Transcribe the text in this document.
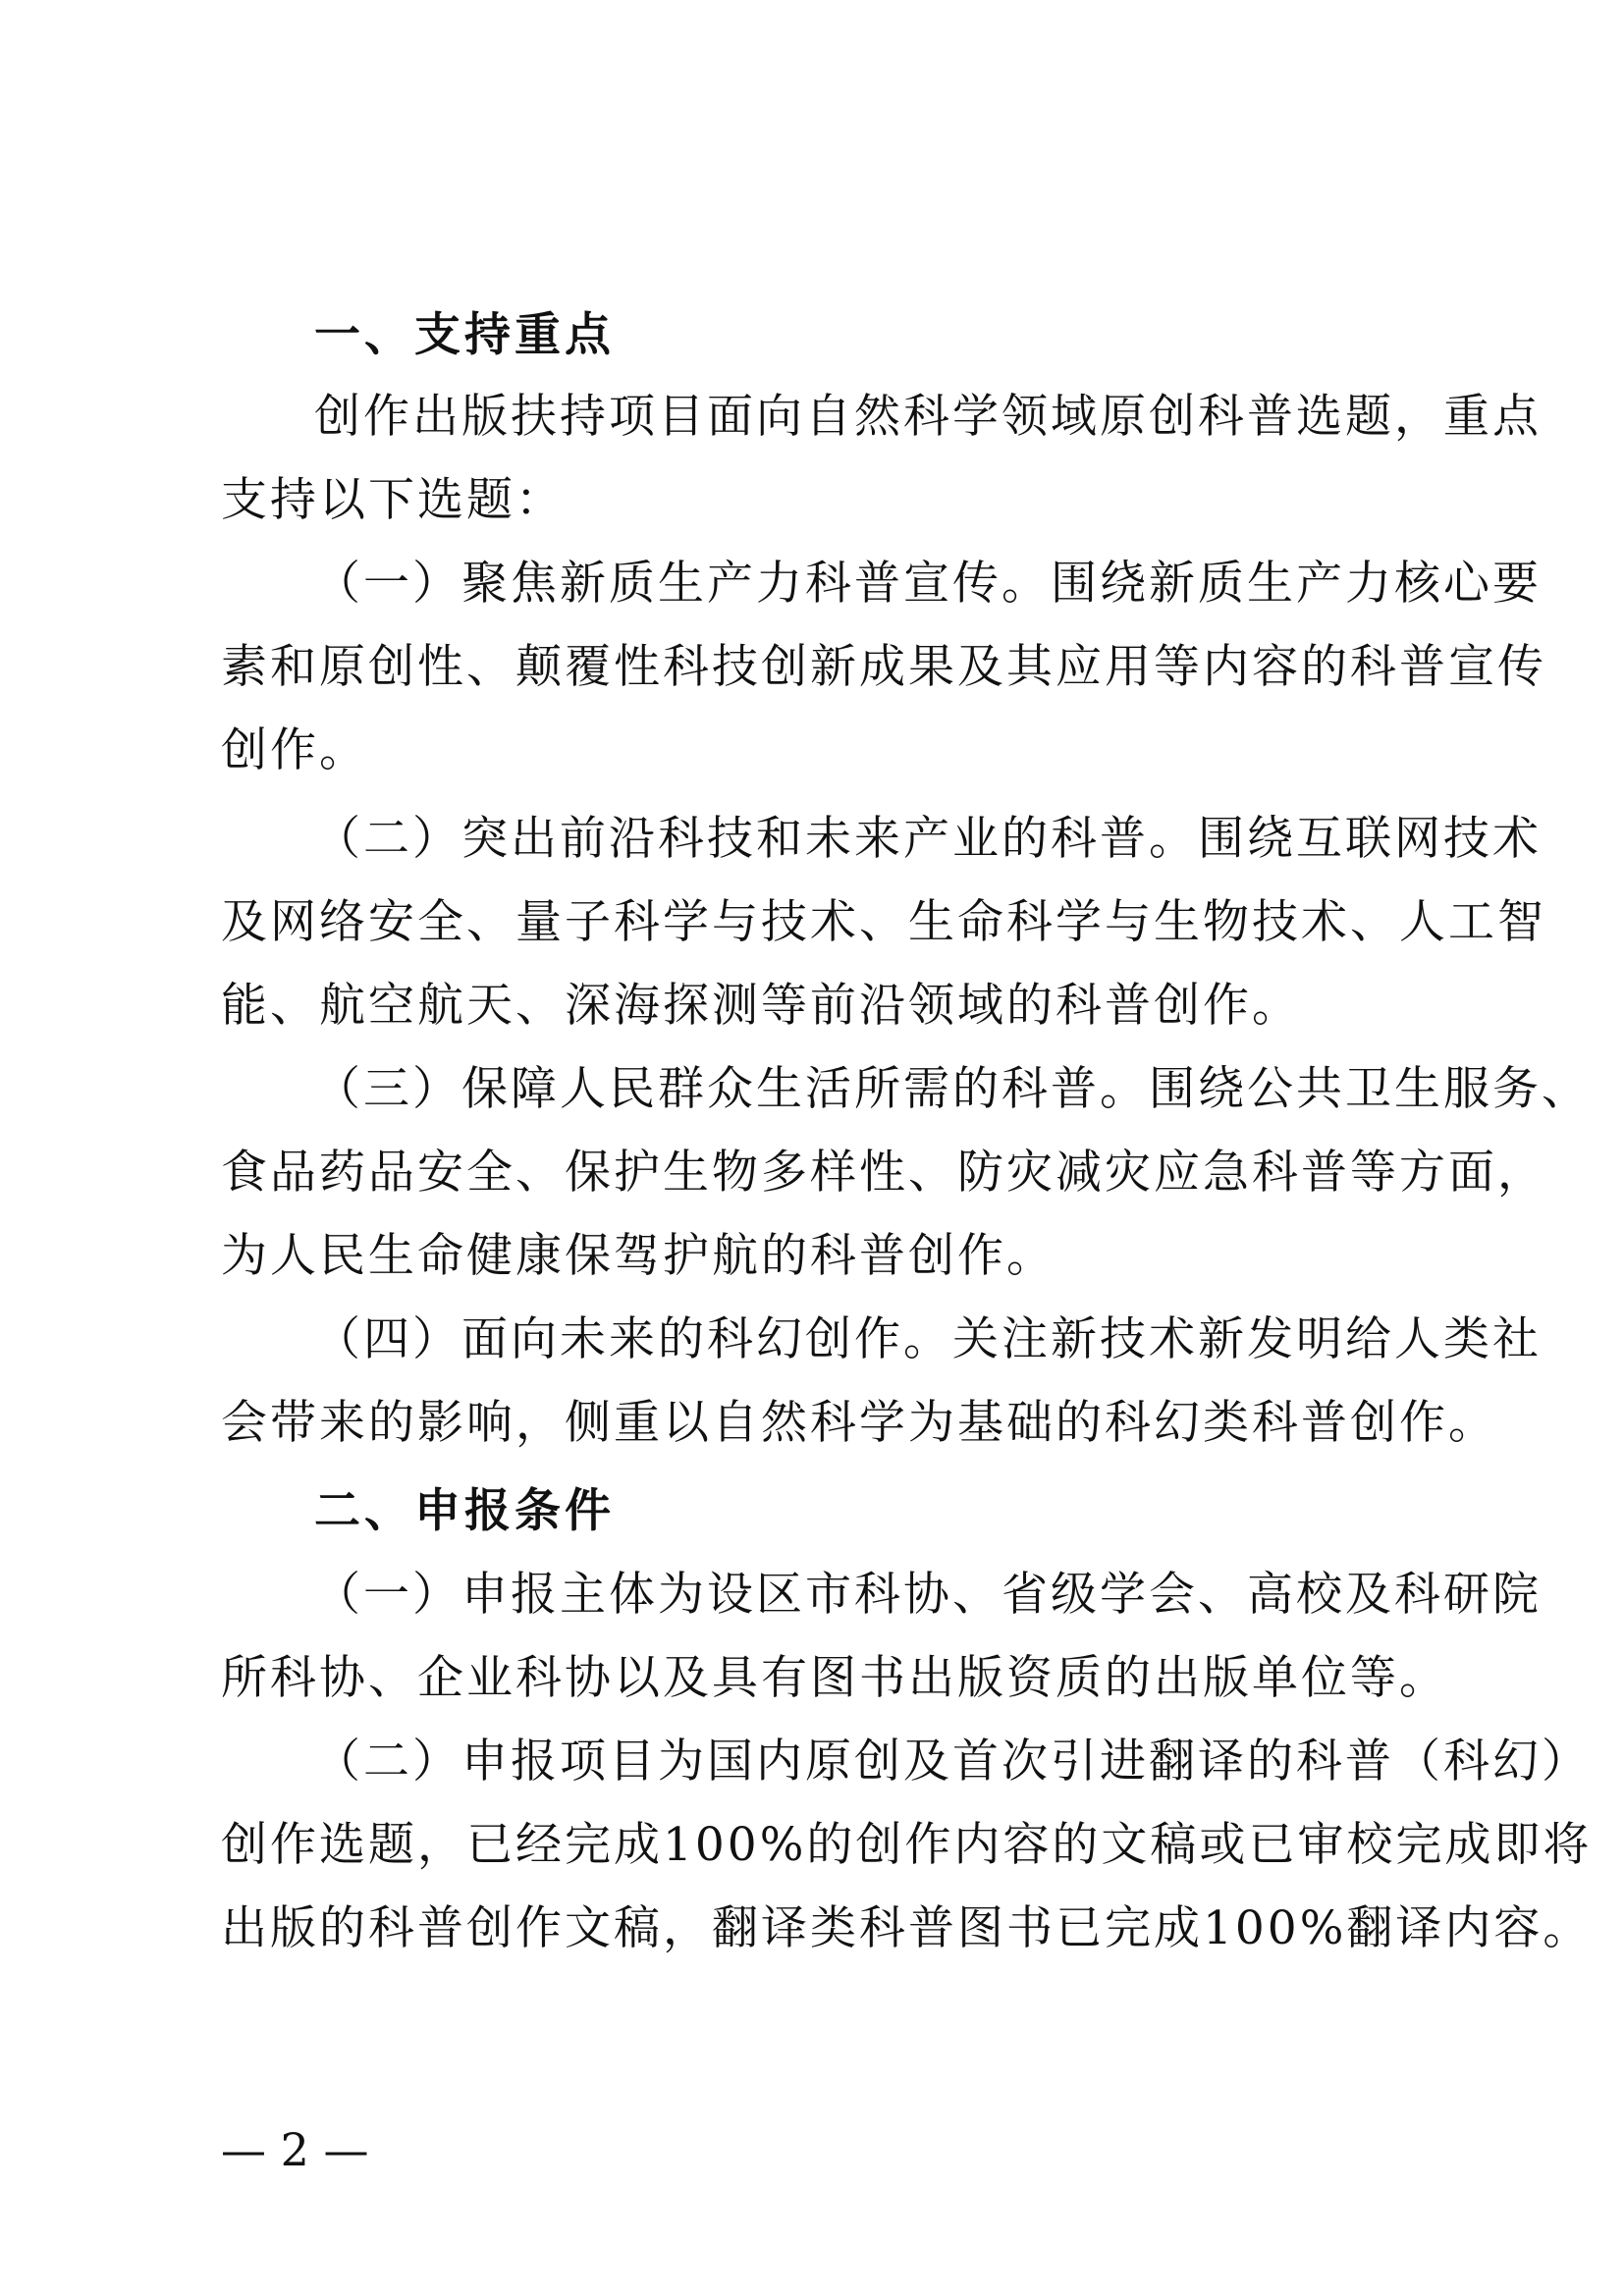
一、支持重点
创作出版扶持项目面向自然科学领域原创科普选题，重点
支持以下选题：
（一）聚焦新质生产力科普宣传。围绕新质生产力核心要
素和原创性、颠覆性科技创新成果及其应用等内容的科普宣传
创作。
（二）突出前沿科技和未来产业的科普。围绕互联网技术
及网络安全、量子科学与技术、生命科学与生物技术、人工智
能、航空航天、深海探测等前沿领域的科普创作。
（三）保障人民群众生活所需的科普。围绕公共卫生服务、
食品药品安全、保护生物多样性、防灾减灾应急科普等方面，
为人民生命健康保驾护航的科普创作。
（四）面向未来的科幻创作。关注新技术新发明给人类社
会带来的影响，侧重以自然科学为基础的科幻类科普创作。
二、申报条件
（一）申报主体为设区市科协、省级学会、高校及科研院
所科协、企业科协以及具有图书出版资质的出版单位等。
（二）申报项目为国内原创及首次引进翻译的科普（科幻）
创作选题，已经完成100%的创作内容的文稿或已审校完成即将
出版的科普创作文稿，翻译类科普图书已完成100%翻译内容。
— 2 —
